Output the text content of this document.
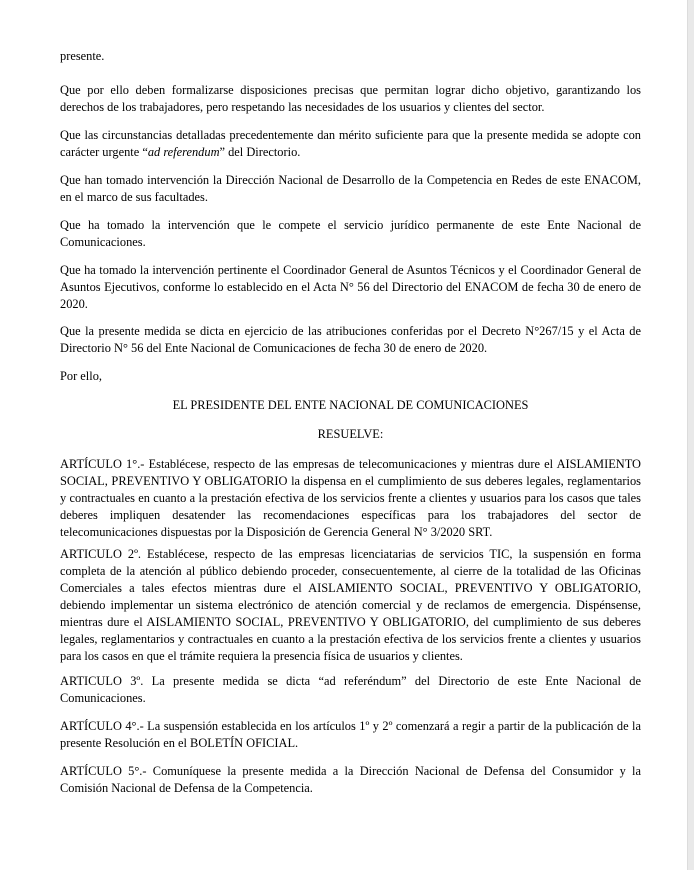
presente.

Que por ello deben formalizarse disposiciones precisas que permitan lograr dicho objetivo, garantizando los derechos de los trabajadores, pero respetando las necesidades de los usuarios y clientes del sector.

Que las circunstancias detalladas precedentemente dan mérito suficiente para que la presente medida se adopte con carácter urgente “ad referendum” del Directorio.

Que han tomado intervención la Dirección Nacional de Desarrollo de la Competencia en Redes de este ENACOM, en el marco de sus facultades.

Que ha tomado la intervención que le compete el servicio jurídico permanente de este Ente Nacional de Comunicaciones.

Que ha tomado la intervención pertinente el Coordinador General de Asuntos Técnicos y el Coordinador General de Asuntos Ejecutivos, conforme lo establecido en el Acta N° 56 del Directorio del ENACOM de fecha 30 de enero de 2020.

Que la presente medida se dicta en ejercicio de las atribuciones conferidas por el Decreto N°267/15 y el Acta de Directorio N° 56 del Ente Nacional de Comunicaciones de fecha 30 de enero de 2020.

Por ello,

EL PRESIDENTE DEL ENTE NACIONAL DE COMUNICACIONES

RESUELVE:

ARTÍCULO 1°.- Establécese, respecto de las empresas de telecomunicaciones y mientras dure el AISLAMIENTO SOCIAL, PREVENTIVO Y OBLIGATORIO la dispensa en el cumplimiento de sus deberes legales, reglamentarios y contractuales en cuanto a la prestación efectiva de los servicios frente a clientes y usuarios para los casos que tales deberes impliquen desatender las recomendaciones específicas para los trabajadores del sector de telecomunicaciones dispuestas por la Disposición de Gerencia General N° 3/2020 SRT.

ARTICULO 2º. Establécese, respecto de las empresas licenciatarias de servicios TIC, la suspensión en forma completa de la atención al público debiendo proceder, consecuentemente, al cierre de la totalidad de las Oficinas Comerciales a tales efectos mientras dure el AISLAMIENTO SOCIAL, PREVENTIVO Y OBLIGATORIO, debiendo implementar un sistema electrónico de atención comercial y de reclamos de emergencia. Dispénsense, mientras dure el AISLAMIENTO SOCIAL, PREVENTIVO Y OBLIGATORIO, del cumplimiento de sus deberes legales, reglamentarios y contractuales en cuanto a la prestación efectiva de los servicios frente a clientes y usuarios para los casos en que el trámite requiera la presencia física de usuarios y clientes.

ARTICULO 3º. La presente medida se dicta “ad referéndum” del Directorio de este Ente Nacional de Comunicaciones.

ARTÍCULO 4°.- La suspensión establecida en los artículos 1º y 2º comenzará a regir a partir de la publicación de la presente Resolución en el BOLETÍN OFICIAL.

ARTÍCULO 5°.- Comuníquese la presente medida a la Dirección Nacional de Defensa del Consumidor y la Comisión Nacional de Defensa de la Competencia.
